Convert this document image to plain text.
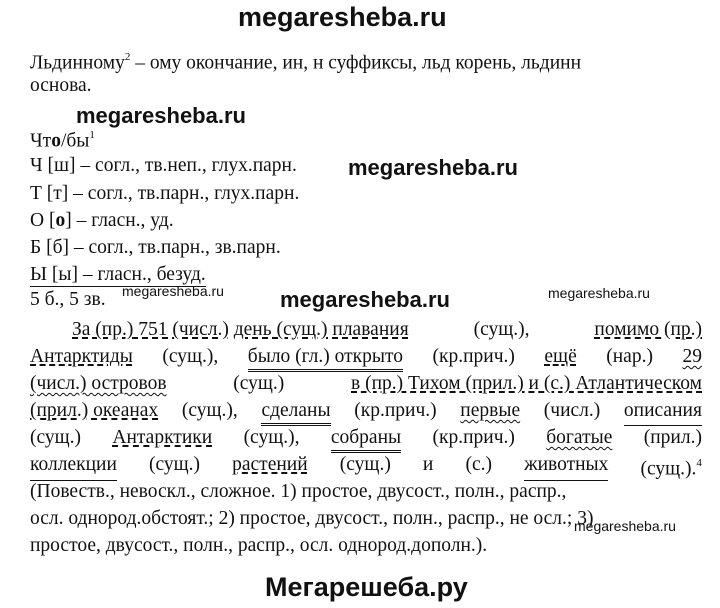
megaresheba.ru
Льдинному$^2$ – ому окончание, ин, н суффиксы, льд корень, льдинн
основа.
megaresheba.ru
Что/$бы^1$
Ч [ш] – согл., тв.неп., глух.парн. megaresheba.ru
Т [т] – согл., тв.парн., глух.парн.
О [о] – гласн., уд.
Б [б] – согл., тв.парн., зв.парн.
Ы [ы] – гласн., безуд.
5 б., 5 зв. megaresheba.ru	megaresheba.ru	megaresheba.ru
За (пр.) 751 (числ.) день (сущ.) плавания	(сущ.),	помимо (пр.)
Антарктиды (сущ.), было (гл.) открыто (кр.прич.) ещё (нар.) 29
(числ.) островов	(сущ.)	в (пр.) Тихом (прил.) и (с.) Атлантическом
(прил.) океанах (сущ.), сделаны (кр.прич.) первые (числ.) описания
(сущ.) Антарктики (сущ.), собраны (кр.прич.) богатые (прил.)
коллекции (сущ.) растений (сущ.) и (с.) животных (сущ.).$^4$
(Повеств., невоскл., сложное. 1) простое, двусост., полн., распр.,
осл. однород.обстоят.; 2) простое, двусост., полн., распр., не осл.; 3)
простое, двусост., полн., распр., осл. однород.дополн.).
megaresheba.ru
Мегарешеба.ру
